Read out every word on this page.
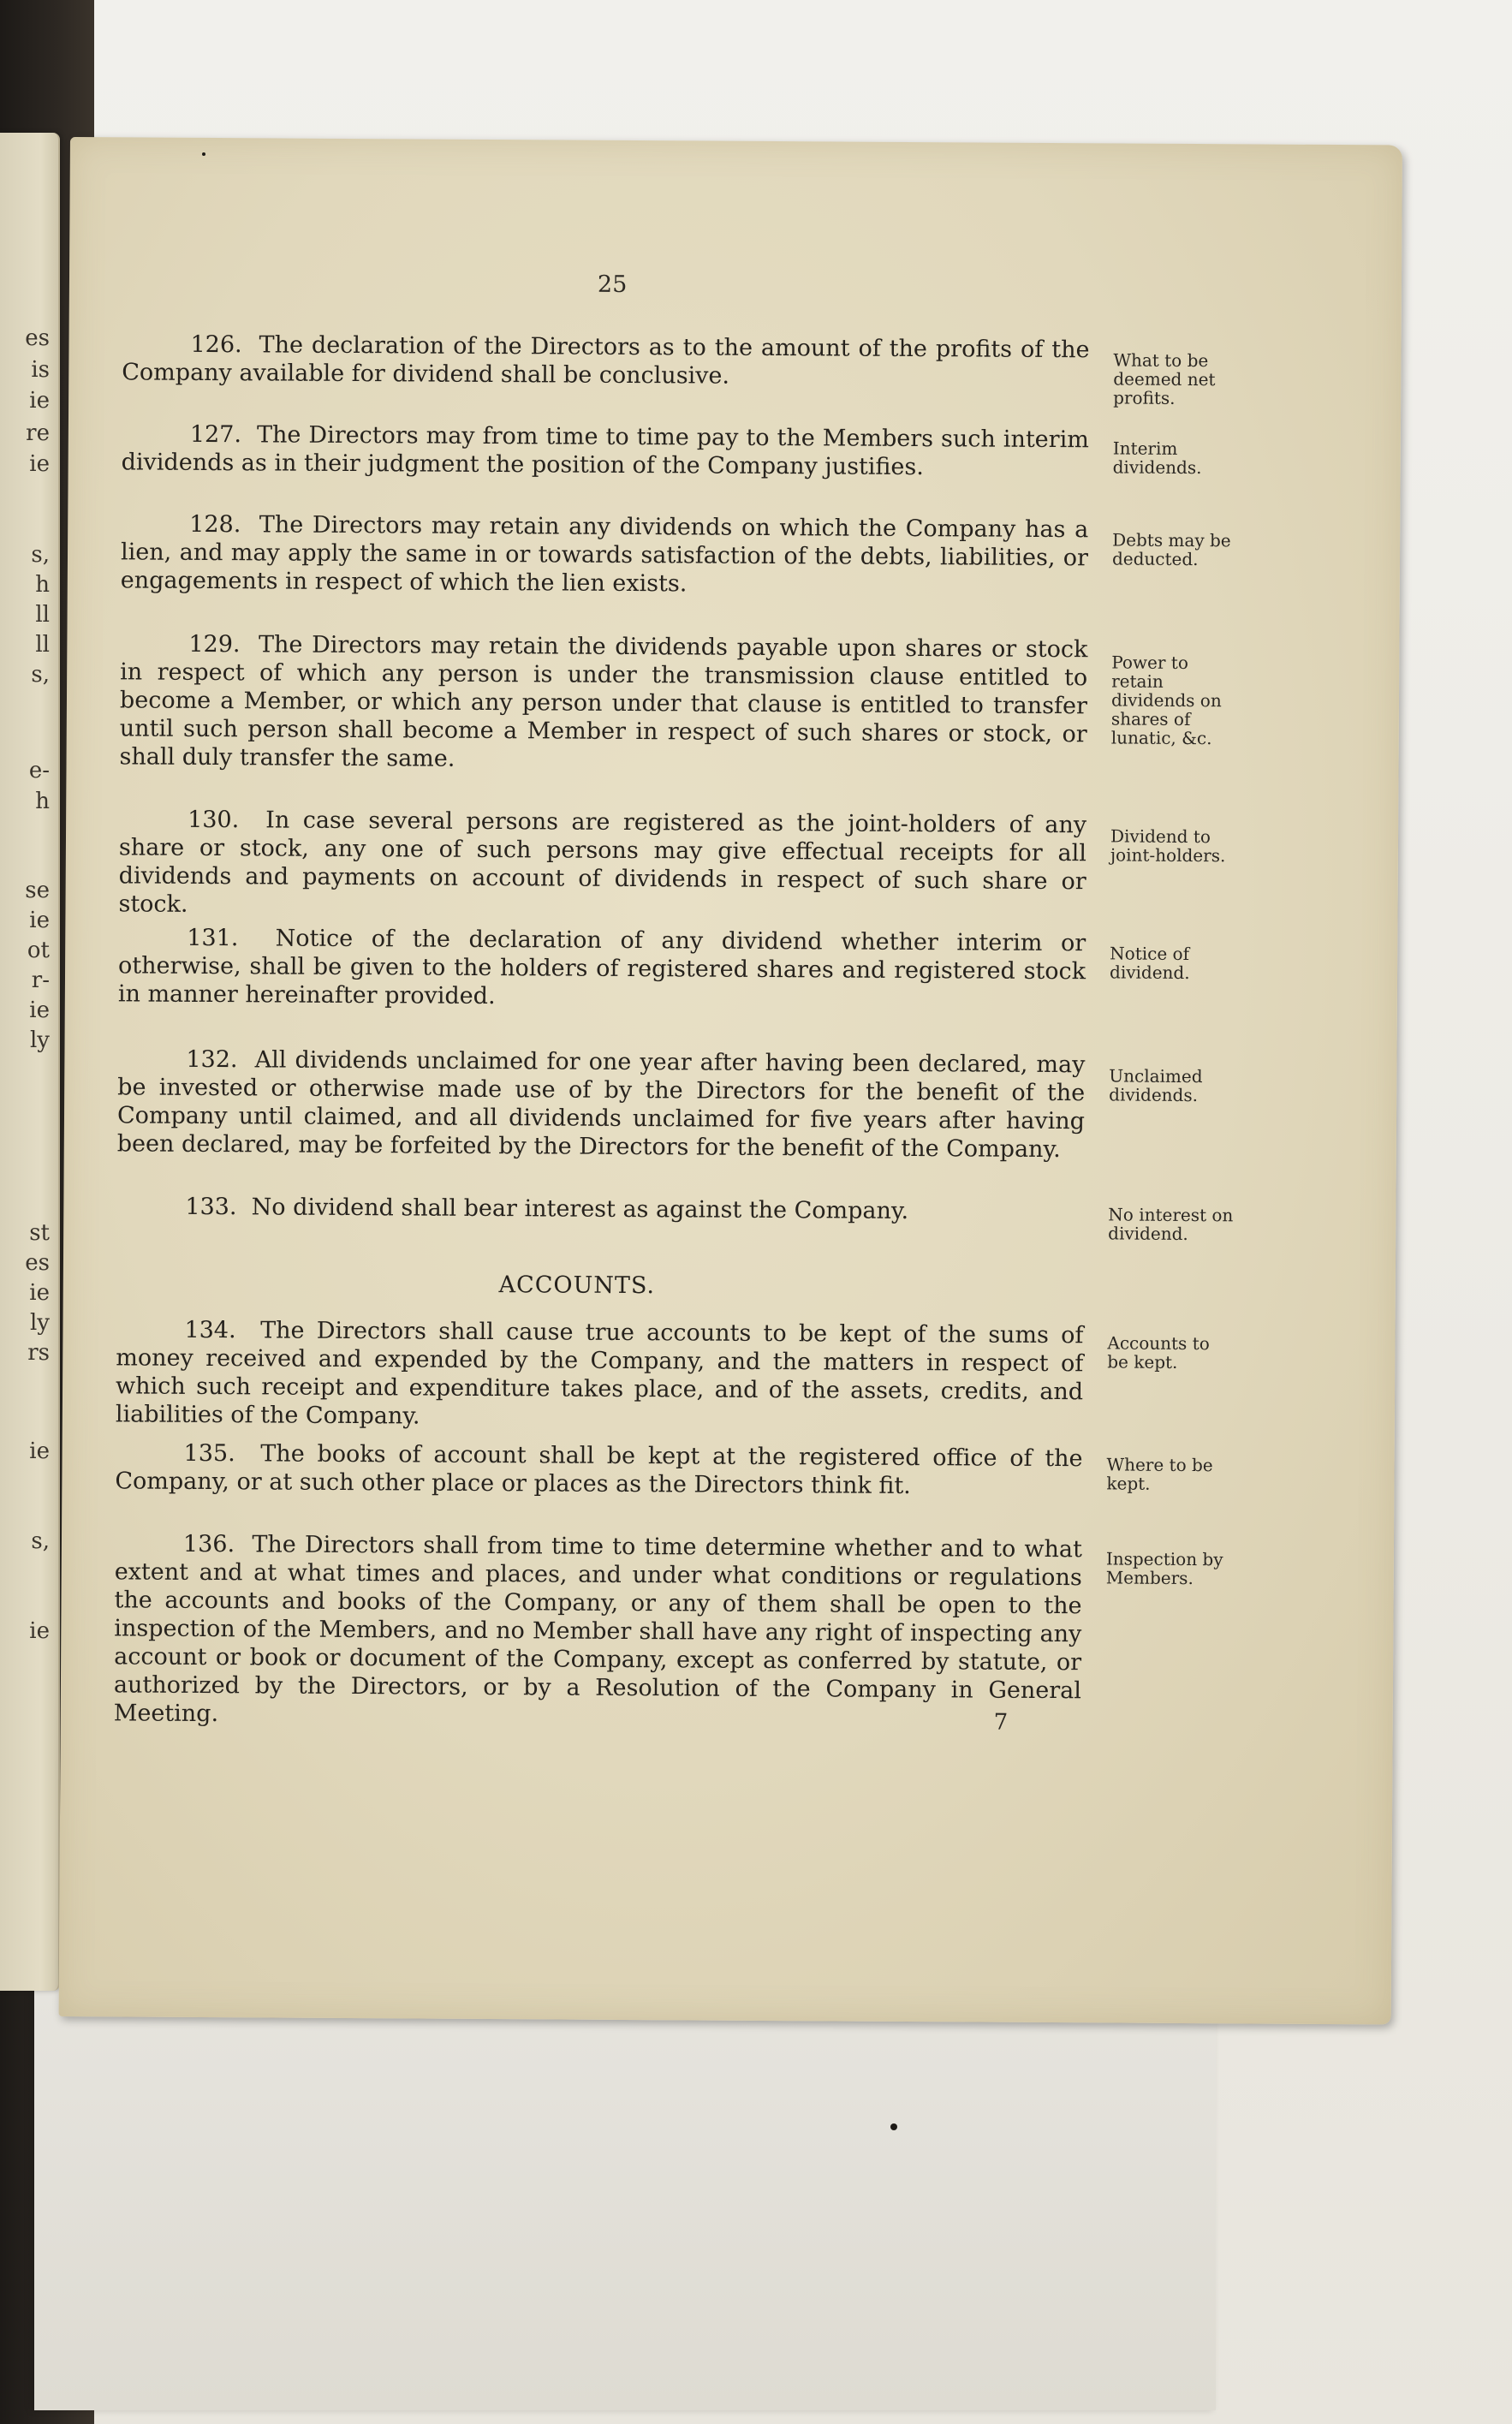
es
is
ie
re
ie
s,
h
ll
ll
s,
e-
h
se
ie
ot
r-
ie
ly
st
es
ie
ly
rs
ie
s,
ie
25
126. The declaration of the Directors as to the amount of the profits of the Company available for dividend shall be conclusive.	What to be deemed net profits.
127. The Directors may from time to time pay to the Members such interim dividends as in their judgment the position of the Company justifies.
Interim dividends.
128. The Directors may retain any dividends on which the Company has a lien, and may apply the same in or towards satisfaction of the debts, liabilities, or engagements in respect of which the lien exists.
Debts may be deducted.
129. The Directors may retain the dividends payable upon shares or stock in respect of which any person is under the transmission clause entitled to become a Member, or which any person under that clause is entitled to transfer until such person shall become a Member in respect of such shares or stock, or shall duly transfer the same.
Power to retain dividends on shares of lunatic, &c.
130. In case several persons are registered as the joint-holders of any share or stock, any one of such persons may give effectual receipts for all dividends and payments on account of dividends in respect of such share or stock.
Dividend to joint-holders.
131. Notice of the declaration of any dividend whether interim or otherwise, shall be given to the holders of registered shares and registered stock in manner hereinafter provided.
Notice of dividend.
132. All dividends unclaimed for one year after having been declared, may be invested or otherwise made use of by the Directors for the benefit of the Company until claimed, and all dividends unclaimed for five years after having been declared, may be forfeited by the Directors for the benefit of the Company.
Unclaimed dividends.
133. No dividend shall bear interest as against the Company.	No interest on dividend.
ACCOUNTS.
134. The Directors shall cause true accounts to be kept of the sums of money received and expended by the Company, and the matters in respect of which such receipt and expenditure takes place, and of the assets, credits, and liabilities of the Company.
Accounts to be kept.
135. The books of account shall be kept at the registered office of the Company, or at such other place or places as the Directors think fit.
Where to be kept.
136. The Directors shall from time to time determine whether and to what extent and at what times and places, and under what conditions or regulations the accounts and books of the Company, or any of them shall be open to the inspection of the Members, and no Member shall have any right of inspecting any account or book or document of the Company, except as conferred by statute, or authorized by the Directors, or by a Resolution of the Company in General Meeting.
Inspection by Members.
7
